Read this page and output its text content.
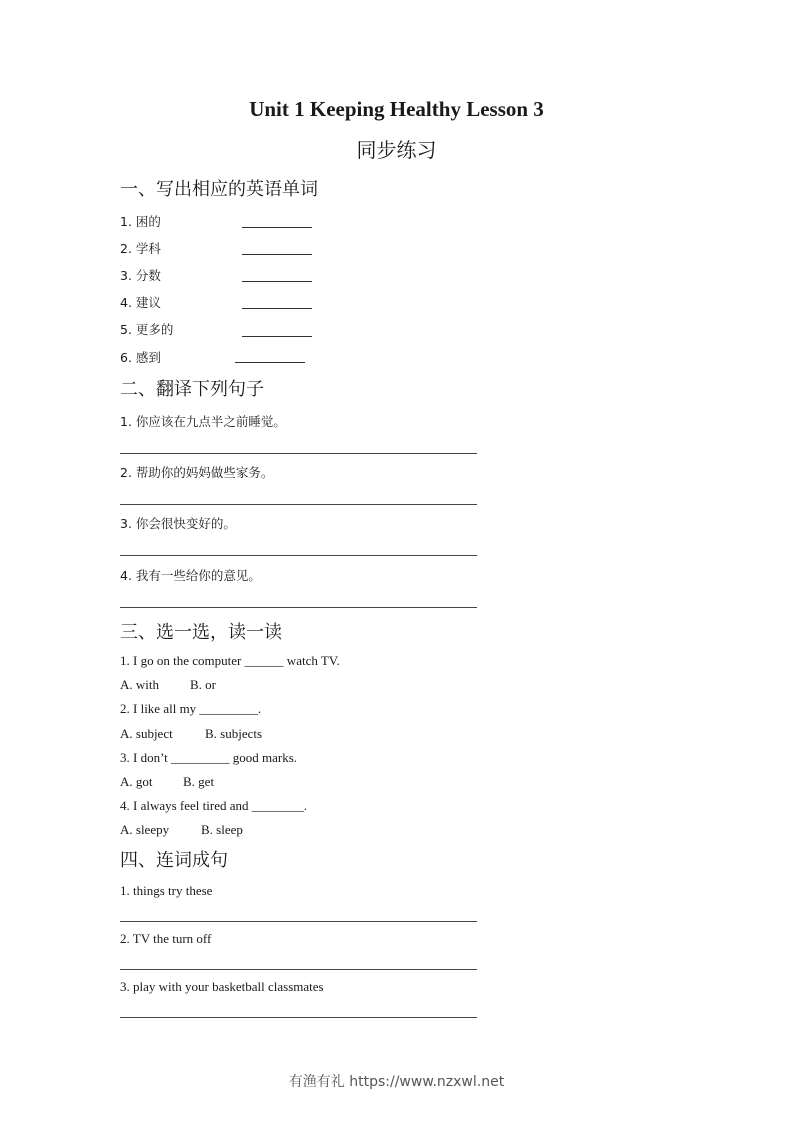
Unit 1 Keeping Healthy Lesson 3
同步练习
一、写出相应的英语单词
1. 困的
2. 学科
3. 分数
4. 建议
5. 更多的
6. 感到
二、翻译下列句子
1. 你应该在九点半之前睡觉。
2. 帮助你的妈妈做些家务。
3. 你会很快变好的。
4. 我有一些给你的意见。
三、选一选，读一读
1. I go on the computer ______ watch TV.
A. with B. or
2. I like all my _________.
A. subject B. subjects
3. I don’t _________ good marks.
A. got B. get
4. I always feel tired and ________.
A. sleepy B. sleep
四、连词成句
1. things try these
2. TV the turn off
3. play with your basketball classmates
有渔有礼 https://www.nzxwl.net
